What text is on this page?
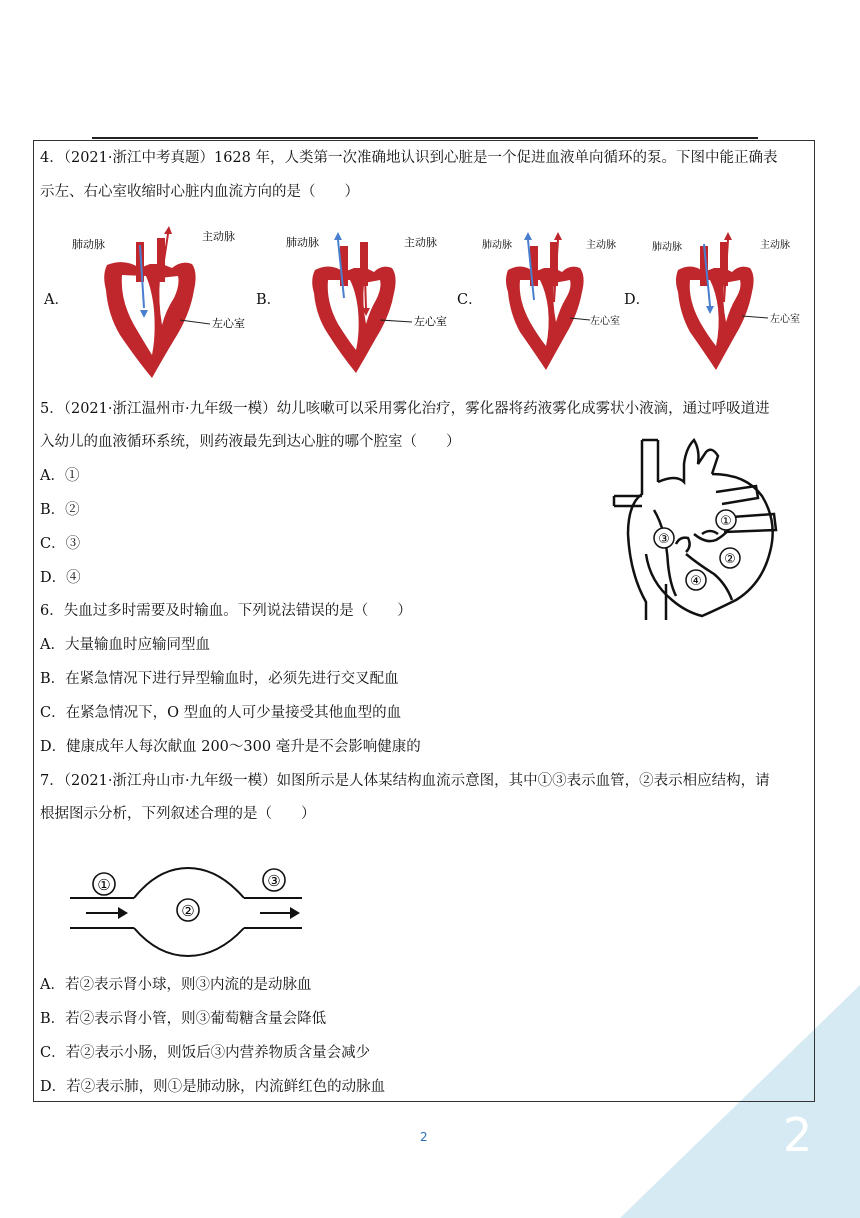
4．（2021·浙江中考真题）1628 年，人类第一次准确地认识到心脏是一个促进血液单向循环的泵。下图中能正确表
示左、右心室收缩时心脏内血流方向的是（　　）
A．	B．	C．	D．
肺动脉
主动脉
左心室
肺动脉	主动脉
左心室
肺动脉	主动脉
左心室
肺动脉	主动脉
左心室
5．（2021·浙江温州市·九年级一模）幼儿咳嗽可以采用雾化治疗，雾化器将药液雾化成雾状小液滴，通过呼吸道进
入幼儿的血液循环系统，则药液最先到达心脏的哪个腔室（　　）
A．①
B．②
C．③
D．④
③
①
②
④
6．失血过多时需要及时输血。下列说法错误的是（　　）
A．大量输血时应输同型血
B．在紧急情况下进行异型输血时，必须先进行交叉配血
C．在紧急情况下，O 型血的人可少量接受其他血型的血
D．健康成年人每次献血 200～300 毫升是不会影响健康的
7．（2021·浙江舟山市·九年级一模）如图所示是人体某结构血流示意图，其中①③表示血管，②表示相应结构，请
根据图示分析，下列叙述合理的是（　　）
①
②
③
A．若②表示肾小球，则③内流的是动脉血
B．若②表示肾小管，则③葡萄糖含量会降低
C．若②表示小肠，则饭后③内营养物质含量会减少
D．若②表示肺，则①是肺动脉，内流鲜红色的动脉血
2	2
